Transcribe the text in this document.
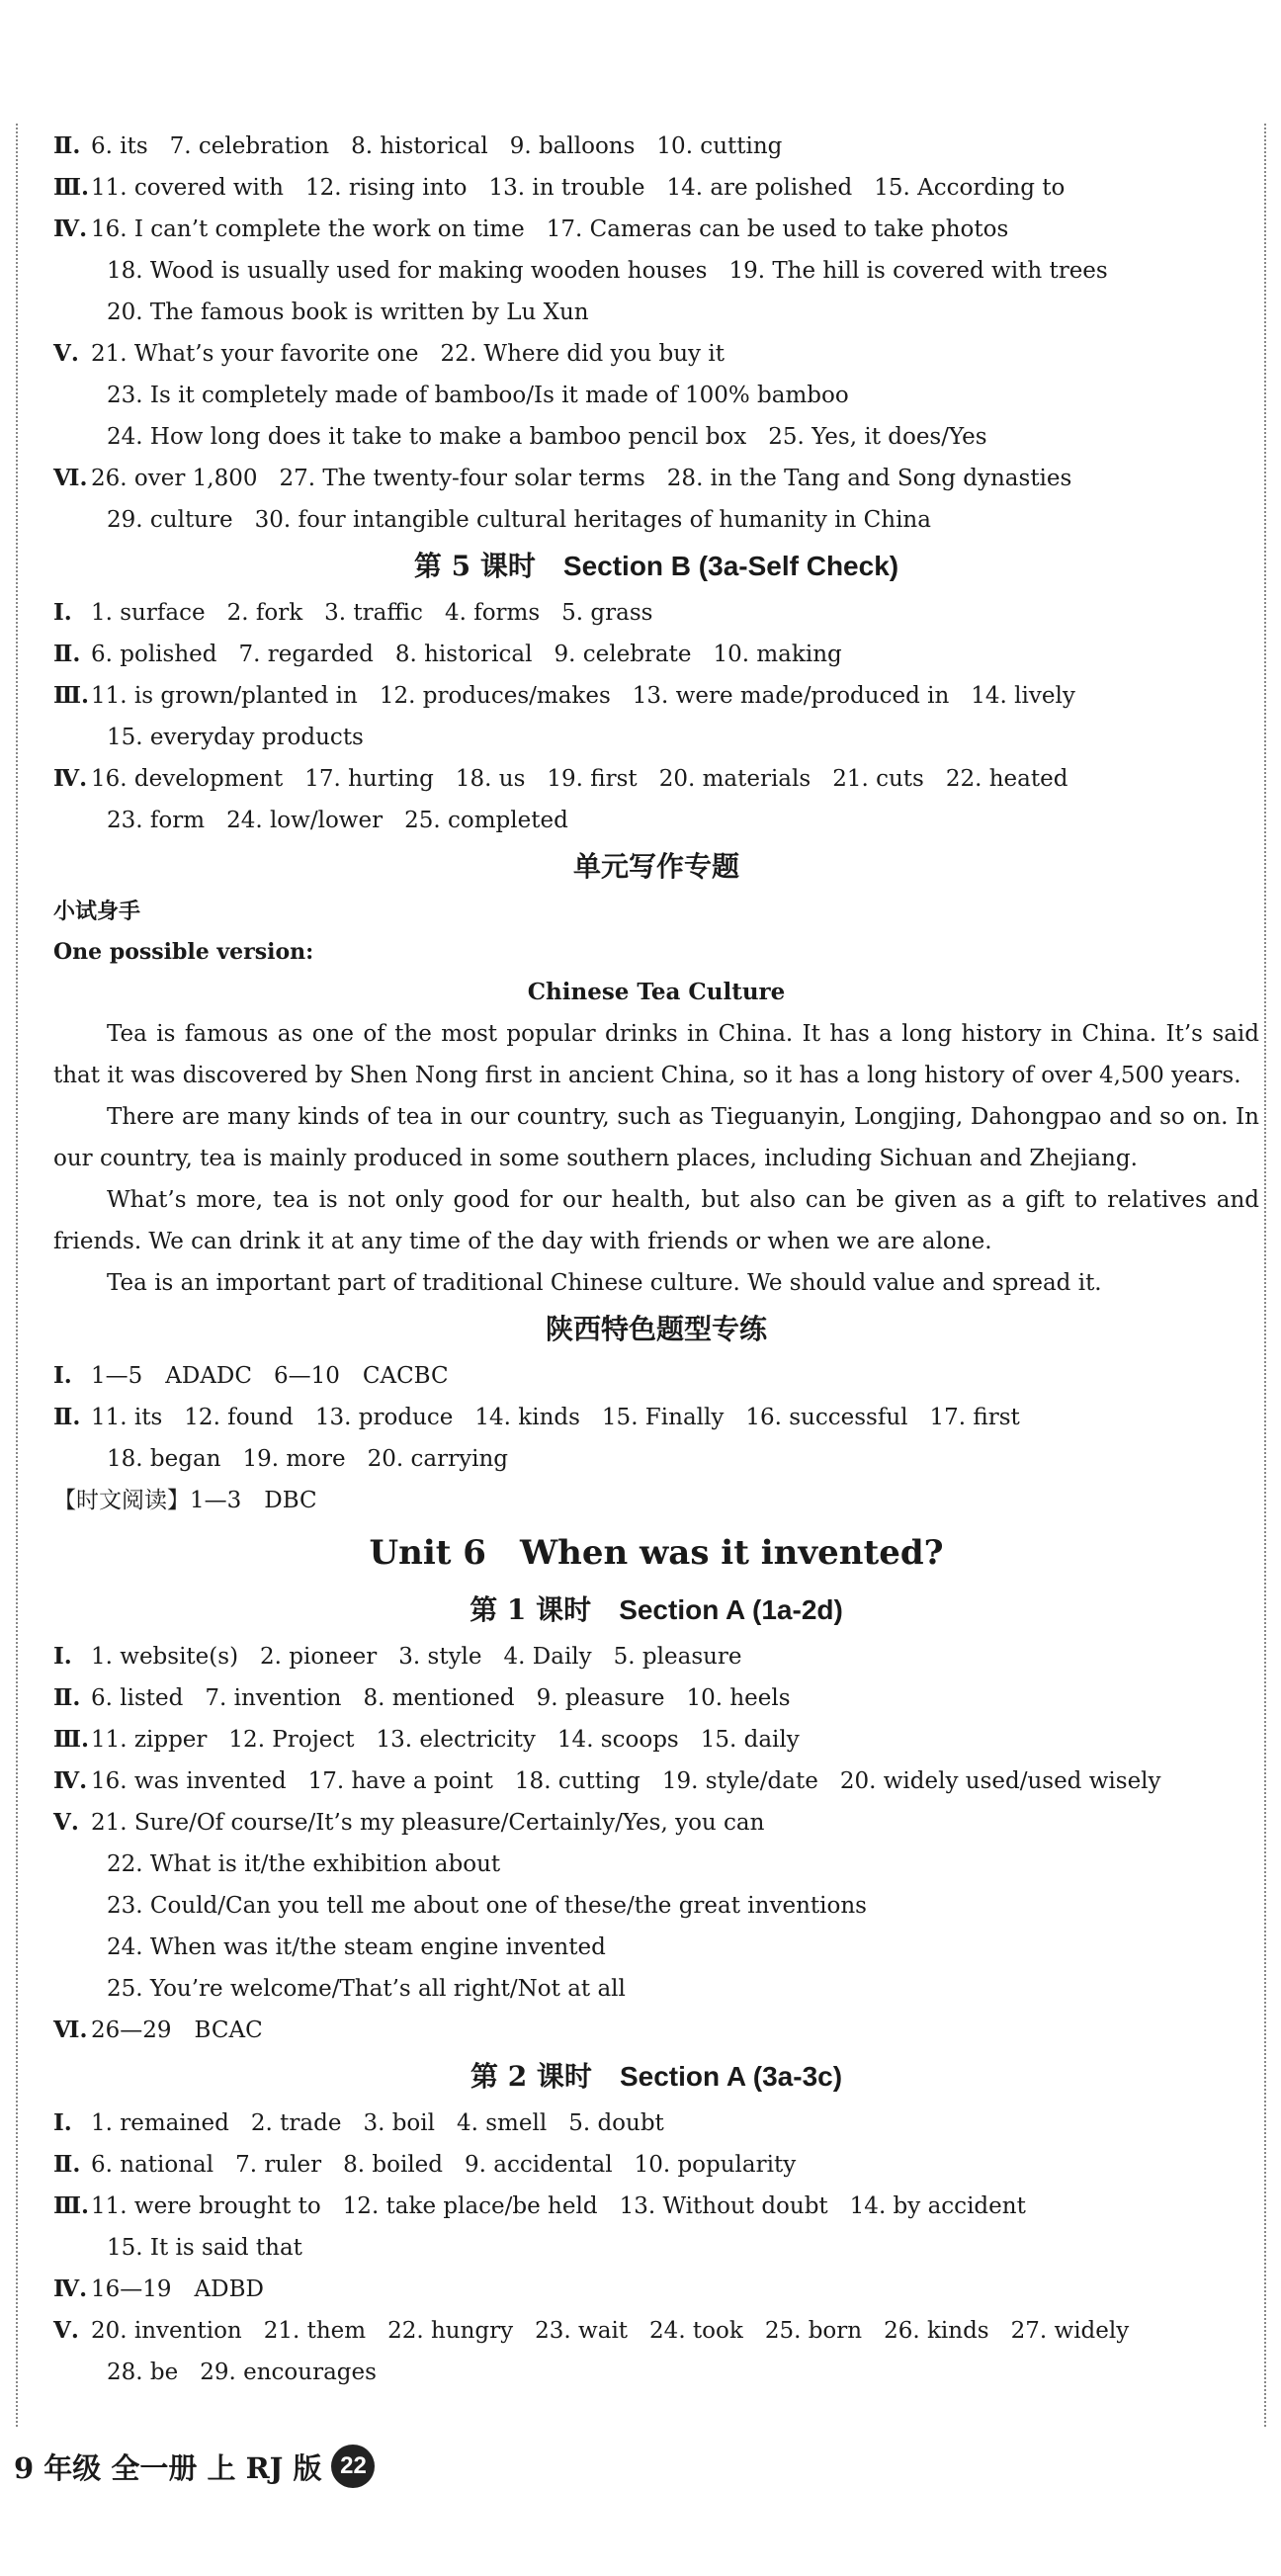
Ⅱ. 6. its 7. celebration 8. historical 9. balloons 10. cutting
Ⅲ.11. covered with 12. rising into 13. in trouble 14. are polished 15. According to
Ⅳ. 16. I can’t complete the work on time 17. Cameras can be used to take photos
18. Wood is usually used for making wooden houses 19. The hill is covered with trees
20. The famous book is written by Lu Xun
Ⅴ. 21. What’s your favorite one 22. Where did you buy it
23. Is it completely made of bamboo/Is it made of 100% bamboo
24. How long does it take to make a bamboo pencil box 25. Yes, it does/Yes
Ⅵ. 26. over 1,800 27. The twenty-four solar terms 28. in the Tang and Song dynasties
29. culture 30. four intangible cultural heritages of humanity in China
第 5 课时　 Section B (3a-Self Check)
Ⅰ. 1. surface 2. fork 3. traffic 4. forms 5. grass
Ⅱ. 6. polished 7. regarded 8. historical 9. celebrate 10. making
Ⅲ.11. is grown/planted in 12. produces/makes 13. were made/produced in 14. lively
15. everyday products
Ⅳ. 16. development 17. hurting 18. us 19. first 20. materials 21. cuts 22. heated
23. form 24. low/lower 25. completed
单元写作专题
小试身手
One possible version:
Chinese Tea Culture
Tea is famous as one of the most popular drinks in China. It has a long history in China. It’s said that it was discovered by Shen Nong first in ancient China, so it has a long history of over 4,500 years.
There are many kinds of tea in our country, such as Tieguanyin, Longjing, Dahongpao and so on. In our country, tea is mainly produced in some southern places, including Sichuan and Zhejiang.
What’s more, tea is not only good for our health, but also can be given as a gift to relatives and friends. We can drink it at any time of the day with friends or when we are alone.
Tea is an important part of traditional Chinese culture. We should value and spread it.
陕西特色题型专练
Ⅰ. 1—5　ADADC 6—10　CACBC
Ⅱ. 11. its 12. found 13. produce 14. kinds 15. Finally 16. successful 17. first
18. began 19. more 20. carrying
【时文阅读】1—3　DBC
Unit 6　When was it invented?
第 1 课时　 Section A (1a-2d)
Ⅰ. 1. website(s) 2. pioneer 3. style 4. Daily 5. pleasure
Ⅱ. 6. listed 7. invention 8. mentioned 9. pleasure 10. heels
Ⅲ.11. zipper 12. Project 13. electricity 14. scoops 15. daily
Ⅳ. 16. was invented 17. have a point 18. cutting 19. style/date 20. widely used/used wisely
Ⅴ. 21. Sure/Of course/It’s my pleasure/Certainly/Yes, you can
22. What is it/the exhibition about
23. Could/Can you tell me about one of these/the great inventions
24. When was it/the steam engine invented
25. You’re welcome/That’s all right/Not at all
Ⅵ. 26—29　BCAC
第 2 课时　 Section A (3a-3c)
Ⅰ. 1. remained 2. trade 3. boil 4. smell 5. doubt
Ⅱ. 6. national 7. ruler 8. boiled 9. accidental 10. popularity
Ⅲ.11. were brought to 12. take place/be held 13. Without doubt 14. by accident
15. It is said that
Ⅳ. 16—19　ADBD
Ⅴ. 20. invention 21. them 22. hungry 23. wait 24. took 25. born 26. kinds 27. widely
28. be 29. encourages
9 年级 全一册 上 RJ 版 22
